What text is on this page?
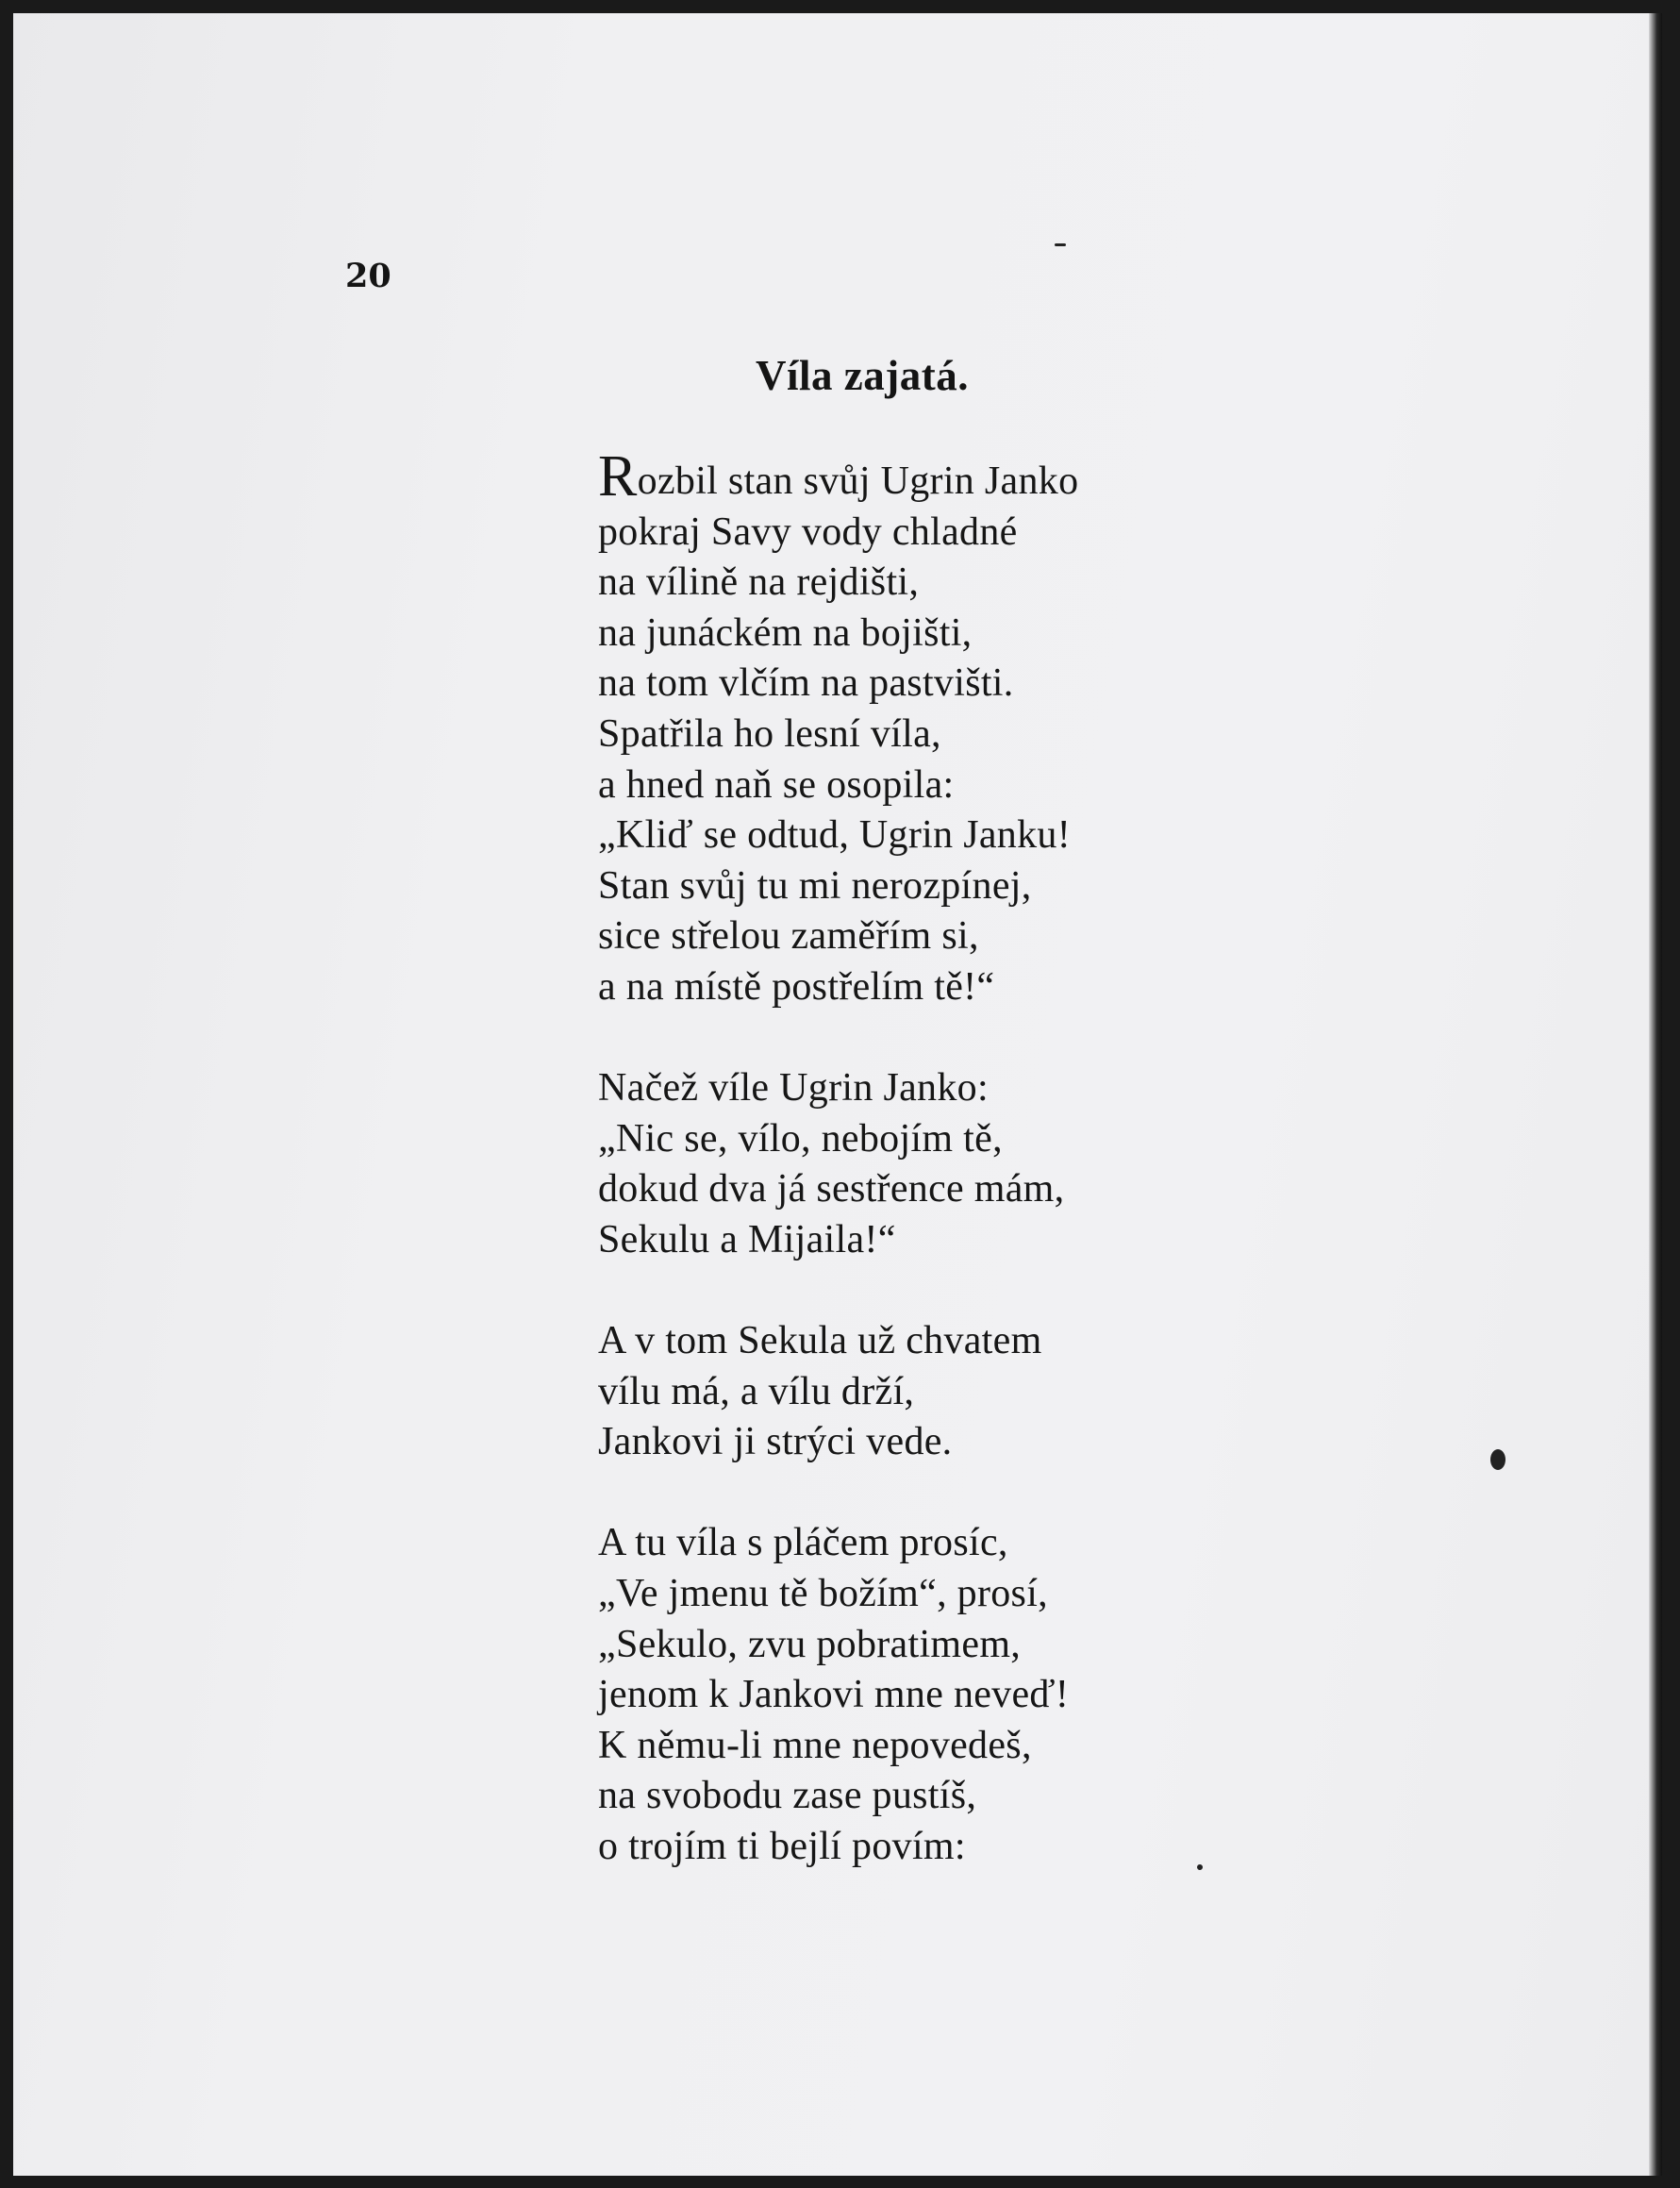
20
Víla zajatá.
Rozbil stan svůj Ugrin Janko
pokraj Savy vody chladné
na vílině na rejdišti,
na junáckém na bojišti,
na tom vlčím na pastvišti.
Spatřila ho lesní víla,
a hned naň se osopila:
„Kliď se odtud, Ugrin Janku!
Stan svůj tu mi nerozpínej,
sice střelou zaměřím si,
a na místě postřelím tě!“
Načež víle Ugrin Janko:
„Nic se, vílo, nebojím tě,
dokud dva já sestřence mám,
Sekulu a Mijaila!“
A v tom Sekula už chvatem
vílu má, a vílu drží,
Jankovi ji strýci vede.
A tu víla s pláčem prosíc,
„Ve jmenu tě božím“, prosí,
„Sekulo, zvu pobratimem,
jenom k Jankovi mne neveď!
K němu-li mne nepovedeš,
na svobodu zase pustíš,
o trojím ti bejlí povím:
